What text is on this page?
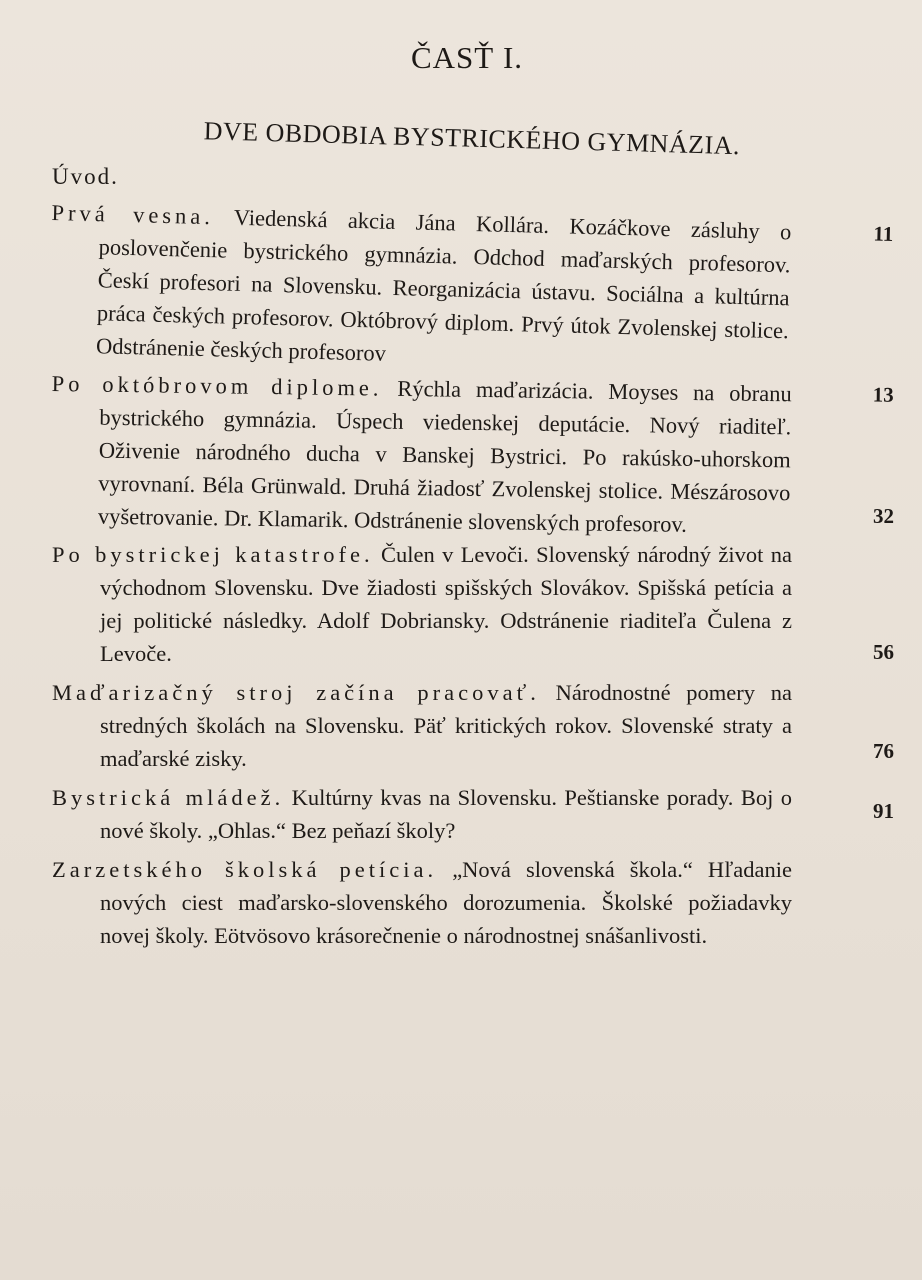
ČASŤ I.
DVE OBDOBIA BYSTRICKÉHO GYMNÁZIA.
Úvod.
Prvá vesna. Viedenská akcia Jána Kollára. Kozáčkove zásluhy o poslovenčenie bystrického gymnázia. Odchod maďarských profesorov. Českí profesori na Slovensku. Reorganizácia ústavu. Sociálna a kultúrna práca českých profesorov. Októbrový diplom. Prvý útok Zvolenskej stolice. Odstránenie českých profesorov
11
Po októbrovom diplome. Rýchla maďarizácia. Moyses na obranu bystrického gymnázia. Úspech viedenskej deputácie. Nový riaditeľ. Oživenie národného ducha v Banskej Bystrici. Po rakúsko-uhorskom vyrovnaní. Béla Grünwald. Druhá žiadosť Zvolenskej stolice. Mészárosovo vyšetrovanie. Dr. Klamarik. Odstránenie slovenských profesorov.
13
32
Po bystrickej katastrofe. Čulen v Levoči. Slovenský národný život na východnom Slovensku. Dve žiadosti spišských Slovákov. Spišská petícia a jej politické následky. Adolf Dobriansky. Odstránenie riaditeľa Čulena z Levoče.	56
Maďarizačný stroj začína pracovať. Národnostné pomery na stredných školách na Slovensku. Päť kritických rokov. Slovenské straty a maďarské zisky.	76
Bystrická mládež. Kultúrny kvas na Slovensku. Peštianske porady. Boj o nové školy. „Ohlas.“ Bez peňazí školy?
91
Zarzetského školská petícia. „Nová slovenská škola.“ Hľadanie nových ciest maďarsko-slovenského dorozumenia. Školské požiadavky novej školy. Eötvösovo krásorečnenie o národnostnej snášanlivosti.
